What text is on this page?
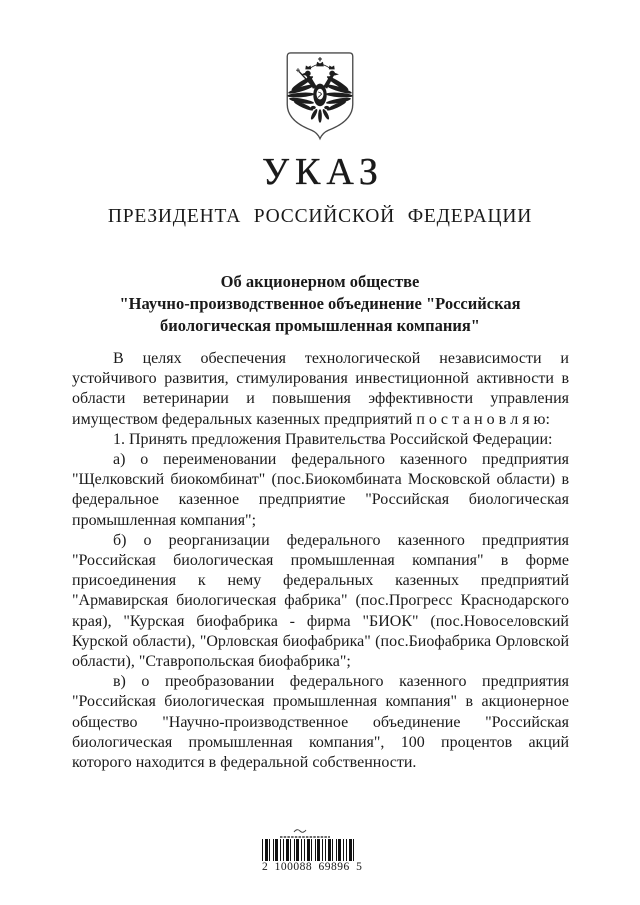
УКАЗ
ПРЕЗИДЕНТА РОССИЙСКОЙ ФЕДЕРАЦИИ
Об акционерном обществе
"Научно-производственное объединение "Российская
биологическая промышленная компания"

В целях обеспечения технологической независимости и устойчивого развития, стимулирования инвестиционной активности в области ветеринарии и повышения эффективности управления имуществом федеральных казенных предприятий п о с т а н о в л я ю:

1. Принять предложения Правительства Российской Федерации:

а) о переименовании федерального казенного предприятия "Щелковский биокомбинат" (пос.Биокомбината Московской области) в федеральное казенное предприятие "Российская биологическая промышленная компания";

б) о реорганизации федерального казенного предприятия "Российская биологическая промышленная компания" в форме присоединения к нему федеральных казенных предприятий "Армавирская биологическая фабрика" (пос.Прогресс Краснодарского края), "Курская биофабрика - фирма "БИОК" (пос.Новоселовский Курской области), "Орловская биофабрика" (пос.Биофабрика Орловской области), "Ставропольская биофабрика";

в) о преобразовании федерального казенного предприятия "Российская биологическая промышленная компания" в акционерное общество "Научно-производственное объединение "Российская биологическая промышленная компания", 100 процентов акций которого находится в федеральной собственности.

2 100088 69896 5
